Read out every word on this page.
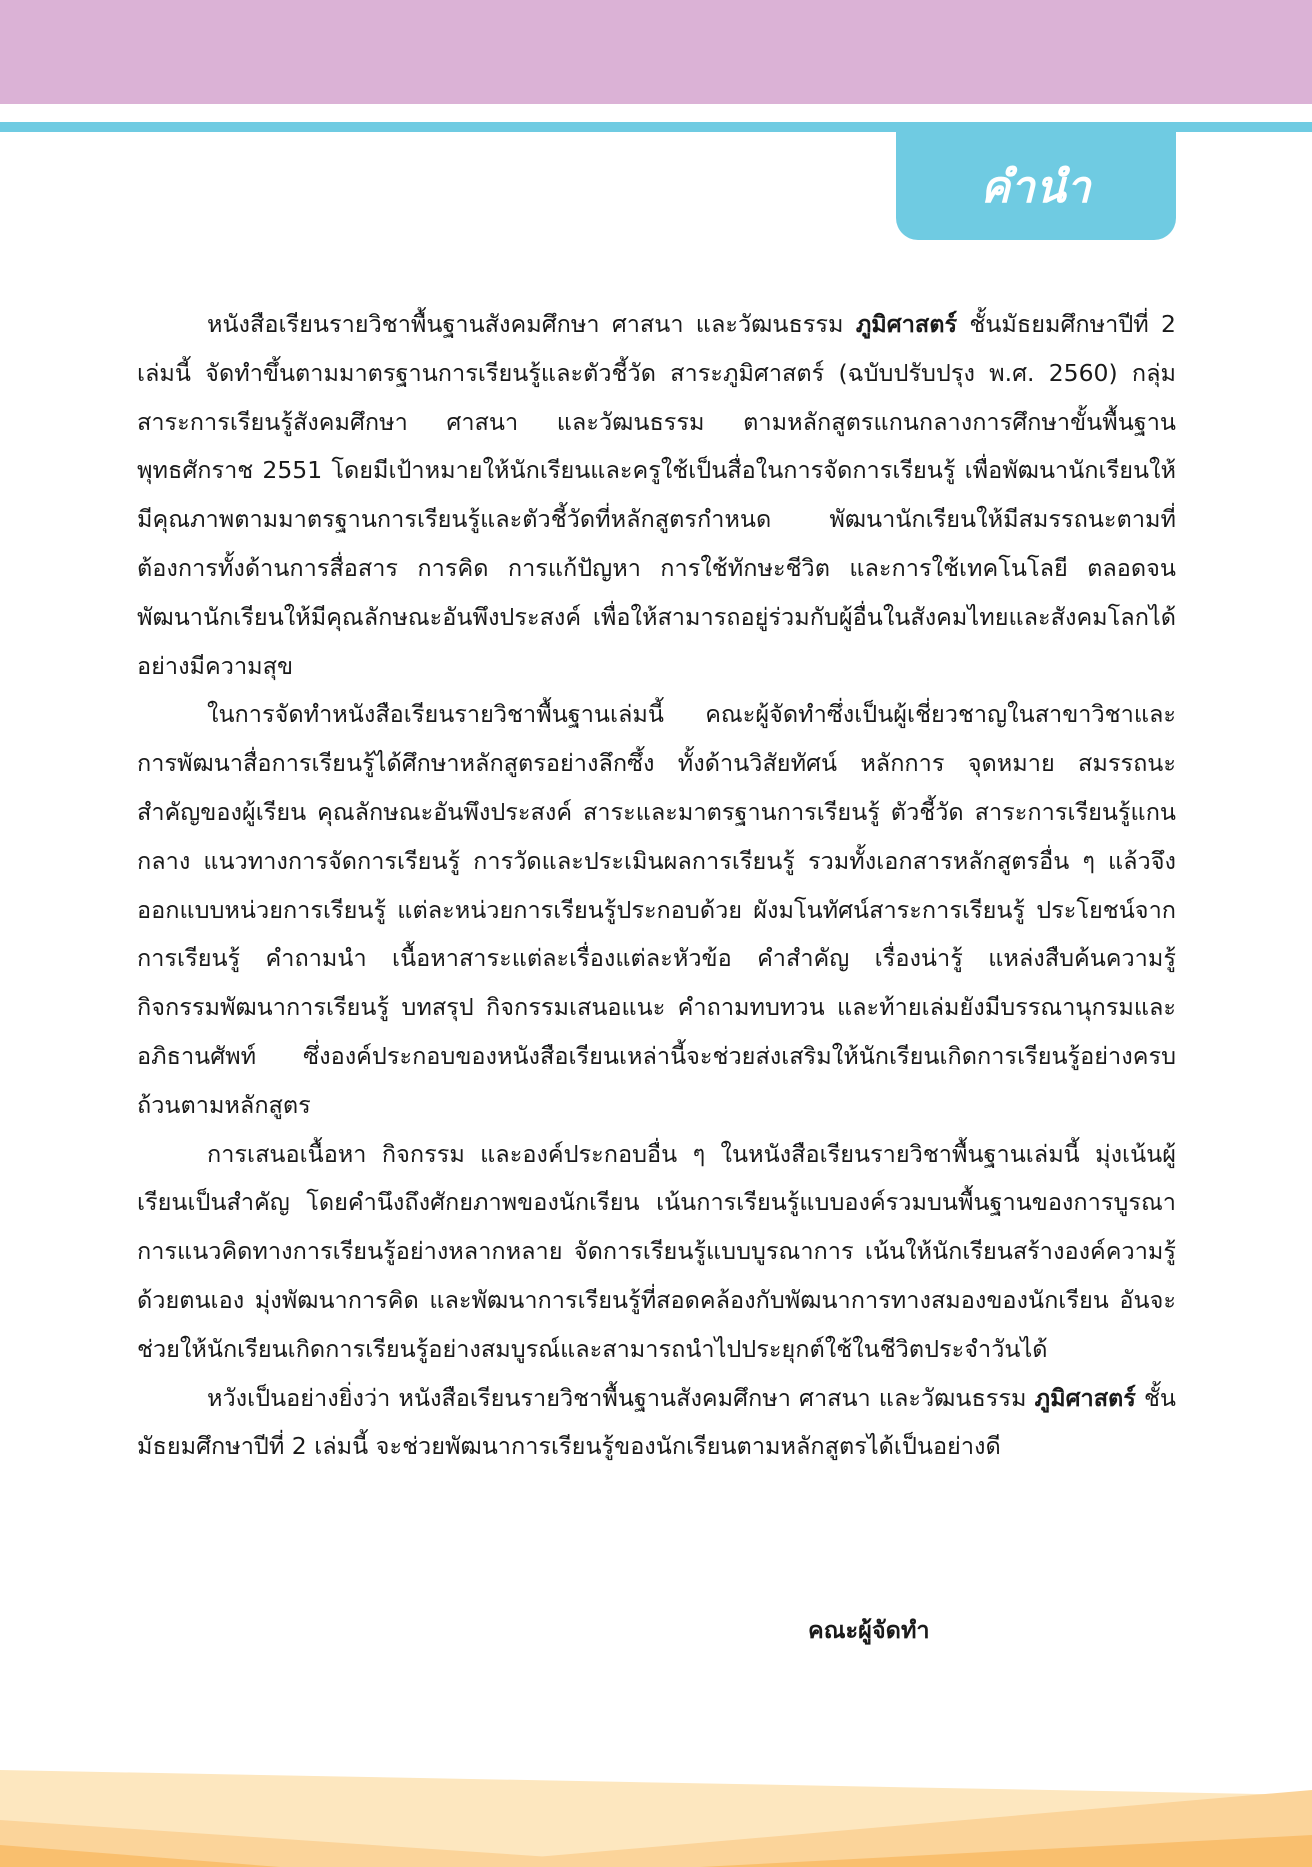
คำนำ

หนังสือเรียนรายวิชาพื้นฐานสังคมศึกษา ศาสนา และวัฒนธรรม ภูมิศาสตร์ ชั้นมัธยมศึกษาปีที่ 2 เล่มนี้ จัดทำขึ้นตามมาตรฐานการเรียนรู้และตัวชี้วัด สาระภูมิศาสตร์ (ฉบับปรับปรุง พ.ศ. 2560) กลุ่มสาระการเรียนรู้สังคมศึกษา ศาสนา และวัฒนธรรม ตามหลักสูตรแกนกลางการศึกษาขั้นพื้นฐาน พุทธศักราช 2551 โดยมีเป้าหมายให้นักเรียนและครูใช้เป็นสื่อในการจัดการเรียนรู้ เพื่อพัฒนานักเรียนให้มีคุณภาพตามมาตรฐานการเรียนรู้และตัวชี้วัดที่หลักสูตรกำหนด พัฒนานักเรียนให้มีสมรรถนะตามที่ต้องการทั้งด้านการสื่อสาร การคิด การแก้ปัญหา การใช้ทักษะชีวิต และการใช้เทคโนโลยี ตลอดจนพัฒนานักเรียนให้มีคุณลักษณะอันพึงประสงค์ เพื่อให้สามารถอยู่ร่วมกับผู้อื่นในสังคมไทยและสังคมโลกได้อย่างมีความสุข

ในการจัดทำหนังสือเรียนรายวิชาพื้นฐานเล่มนี้ คณะผู้จัดทำซึ่งเป็นผู้เชี่ยวชาญในสาขาวิชาและการพัฒนาสื่อการเรียนรู้ได้ศึกษาหลักสูตรอย่างลึกซึ้ง ทั้งด้านวิสัยทัศน์ หลักการ จุดหมาย สมรรถนะสำคัญของผู้เรียน คุณลักษณะอันพึงประสงค์ สาระและมาตรฐานการเรียนรู้ ตัวชี้วัด สาระการเรียนรู้แกนกลาง แนวทางการจัดการเรียนรู้ การวัดและประเมินผลการเรียนรู้ รวมทั้งเอกสารหลักสูตรอื่น ๆ แล้วจึงออกแบบหน่วยการเรียนรู้ แต่ละหน่วยการเรียนรู้ประกอบด้วย ผังมโนทัศน์สาระการเรียนรู้ ประโยชน์จากการเรียนรู้ คำถามนำ เนื้อหาสาระแต่ละเรื่องแต่ละหัวข้อ คำสำคัญ เรื่องน่ารู้ แหล่งสืบค้นความรู้ กิจกรรมพัฒนาการเรียนรู้ บทสรุป กิจกรรมเสนอแนะ คำถามทบทวน และท้ายเล่มยังมีบรรณานุกรมและอภิธานศัพท์ ซึ่งองค์ประกอบของหนังสือเรียนเหล่านี้จะช่วยส่งเสริมให้นักเรียนเกิดการเรียนรู้อย่างครบถ้วนตามหลักสูตร

การเสนอเนื้อหา กิจกรรม และองค์ประกอบอื่น ๆ ในหนังสือเรียนรายวิชาพื้นฐานเล่มนี้ มุ่งเน้นผู้เรียนเป็นสำคัญ โดยคำนึงถึงศักยภาพของนักเรียน เน้นการเรียนรู้แบบองค์รวมบนพื้นฐานของการบูรณาการแนวคิดทางการเรียนรู้อย่างหลากหลาย จัดการเรียนรู้แบบบูรณาการ เน้นให้นักเรียนสร้างองค์ความรู้ด้วยตนเอง มุ่งพัฒนาการคิด และพัฒนาการเรียนรู้ที่สอดคล้องกับพัฒนาการทางสมองของนักเรียน อันจะช่วยให้นักเรียนเกิดการเรียนรู้อย่างสมบูรณ์และสามารถนำไปประยุกต์ใช้ในชีวิตประจำวันได้

หวังเป็นอย่างยิ่งว่า หนังสือเรียนรายวิชาพื้นฐานสังคมศึกษา ศาสนา และวัฒนธรรม ภูมิศาสตร์ ชั้นมัธยมศึกษาปีที่ 2 เล่มนี้ จะช่วยพัฒนาการเรียนรู้ของนักเรียนตามหลักสูตรได้เป็นอย่างดี

คณะผู้จัดทำ
